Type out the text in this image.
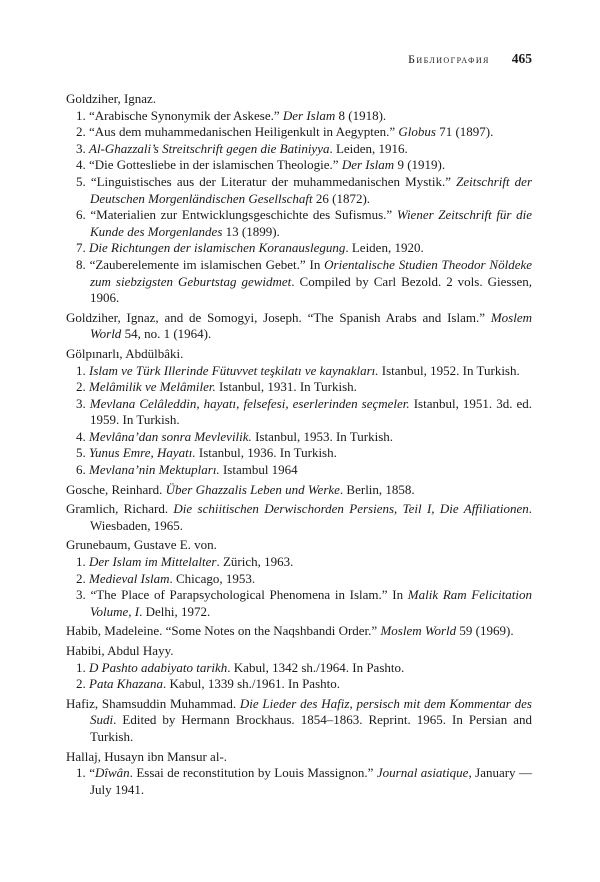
Библиография 465
Goldziher, Ignaz.
1. “Arabische Synonymik der Askese.” Der Islam 8 (1918).
2. “Aus dem muhammedanischen Heiligenkult in Aegypten.” Globus 71 (1897).
3. Al-Ghazzali’s Streitschrift gegen die Batiniyya. Leiden, 1916.
4. “Die Gottesliebe in der islamischen Theologie.” Der Islam 9 (1919).
5. “Linguistisches aus der Literatur der muhammedanischen Mystik.” Zeitschrift der Deutschen Morgenländischen Gesellschaft 26 (1872).
6. “Materialien zur Entwicklungsgeschichte des Sufismus.” Wiener Zeitschrift für die Kunde des Morgenlandes 13 (1899).
7. Die Richtungen der islamischen Koranauslegung. Leiden, 1920.
8. “Zauberelemente im islamischen Gebet.” In Orientalische Studien Theodor Nöldeke zum siebzigsten Geburtstag gewidmet. Compiled by Carl Bezold. 2 vols. Giessen, 1906.
Goldziher, Ignaz, and de Somogyi, Joseph. “The Spanish Arabs and Islam.” Moslem World 54, no. 1 (1964).
Gölpınarlı, Abdülbâki.
1. Islam ve Türk Illerinde Fütuvvet teşkilatı ve kaynakları. Istanbul, 1952. In Turkish.
2. Melâmilik ve Melâmiler. Istanbul, 1931. In Turkish.
3. Mevlana Celâleddin, hayatı, felsefesi, eserlerinden seçmeler. Istanbul, 1951. 3d. ed. 1959. In Turkish.
4. Mevlâna’dan sonra Mevlevilik. Istanbul, 1953. In Turkish.
5. Yunus Emre, Hayatı. Istanbul, 1936. In Turkish.
6. Mevlana’nin Mektupları. Istambul 1964
Gosche, Reinhard. Über Ghazzalis Leben und Werke. Berlin, 1858.
Gramlich, Richard. Die schiitischen Derwischorden Persiens, Teil I, Die Affiliationen. Wiesbaden, 1965.
Grunebaum, Gustave E. von.
1. Der Islam im Mittelalter. Zürich, 1963.
2. Medieval Islam. Chicago, 1953.
3. “The Place of Parapsychological Phenomena in Islam.” In Malik Ram Felicitation Volume, I. Delhi, 1972.
Habib, Madeleine. “Some Notes on the Naqshbandi Order.” Moslem World 59 (1969).
Habibi, Abdul Hayy.
1. D Pashto adabiyato tarikh. Kabul, 1342 sh./1964. In Pashto.
2. Pata Khazana. Kabul, 1339 sh./1961. In Pashto.
Hafiz, Shamsuddin Muhammad. Die Lieder des Hafiz, persisch mit dem Kommentar des Sudi. Edited by Hermann Brockhaus. 1854–1863. Reprint. 1965. In Persian and Turkish.
Hallaj, Husayn ibn Mansur al-.
1. “Dîwân. Essai de reconstitution by Louis Massignon.” Journal asiatique, January — July 1941.
